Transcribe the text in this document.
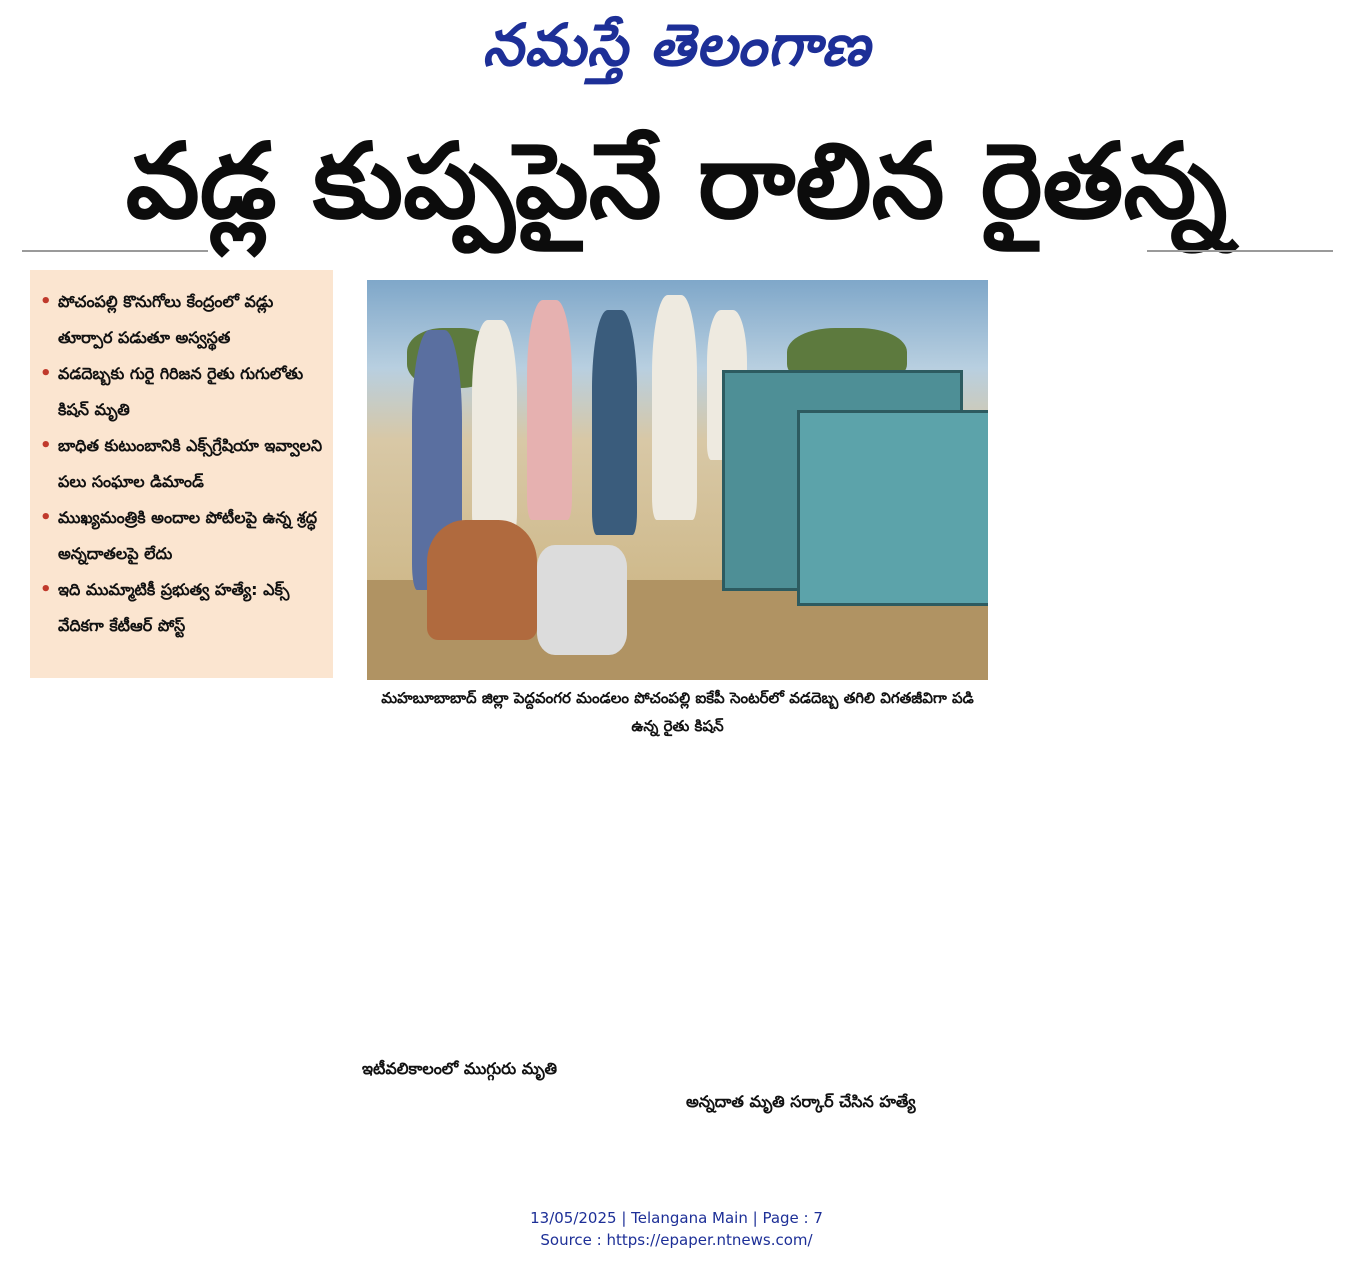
నమస్తే తెలంగాణ
వడ్ల కుప్పపైనే రాలిన రైతన్న
• పోచంపల్లి కొనుగోలు కేంద్రంలో వడ్లు తూర్పార పడుతూ అస్వస్థత
• వడదెబ్బకు గురై గిరిజన రైతు గుగులోతు కిషన్ మృతి
• బాధిత కుటుంబానికి ఎక్స్‌గ్రేషియా ఇవ్వాలని పలు సంఘాల డిమాండ్
• ముఖ్యమంత్రికి అందాల పోటీలపై ఉన్న శ్రద్ధ అన్నదాతలపై లేదు
• ఇది ముమ్మాటికీ ప్రభుత్వ హత్యే: ఎక్స్ వేదికగా కేటీఆర్ పోస్ట్
మహబూబాబాద్ జిల్లా పెద్దవంగర మండలం పోచంపల్లి ఐకేపీ సెంటర్‌లో వడదెబ్బ తగిలి విగతజీవిగా పడి ఉన్న రైతు కిషన్

ఇటీవలికాలంలో ముగ్గురు మృతి

అన్నదాత మృతి సర్కార్ చేసిన హత్యే

13/05/2025 | Telangana Main | Page : 7
Source : https://epaper.ntnews.com/
